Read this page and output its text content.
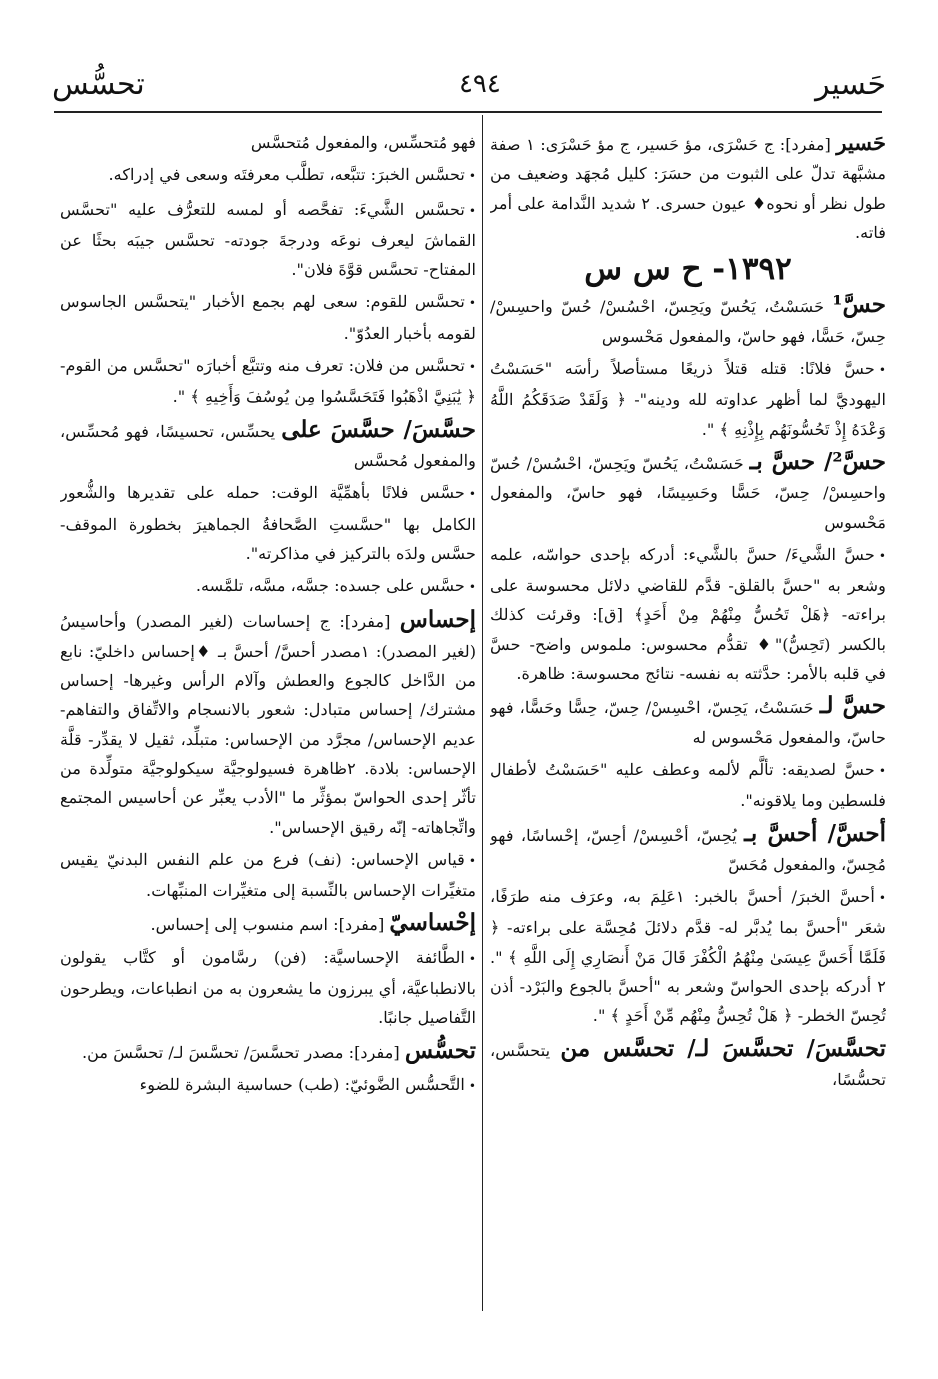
حَسير
٤٩٤
تحسُّس
حَسير [مفرد]: ج حَسْرَى، مؤ حَسير، ج مؤ حَسْرَى: ١ صفة مشبَّهة تدلّ على الثبوت من حسَرَ: كليل مُجهَد وضعيف من طول نظر أو نحوه♦ عيون حسرى. ٢ شديد النَّدامة على أمر فاته.
١٣٩٢- ح س س
حسَّ¹ حَسَسْتُ، يَحُسّ ويَحِسّ، احْسُسْ/ حُسّ واحسِسْ/ حِسّ، حَسًّا، فهو حاسّ، والمفعول مَحْسوس
•حسَّ فلانًا: قتله قتلاً ذريعًا مستأصلاً رأسَه "حَسَسْتُ اليهوديَّ لما أظهر عداوته لله ودينه"- ﴿ وَلَقَدْ صَدَقَكُمُ اللَّهُ وَعْدَهُ إِذْ تَحُسُّونَهُم بِإِذْنِهِ ﴾ ".
حسَّ²/ حسَّ بـ حَسَسْتُ، يَحُسّ ويَحِسّ، احْسُسْ/ حُسّ واحسِسْ/ حِسّ، حَسًّا وحَسِيسًا، فهو حاسّ، والمفعول مَحْسوس
•حسَّ الشَّيءَ/ حسَّ بالشَّيء: أدركه بإحدى حواسّه، علمه وشعر به "حسَّ بالقلق- قدَّم للقاضي دلائل محسوسة على براءته- ﴿هَلْ تَحُسُّ مِنْهُمْ مِنْ أَحَدٍ﴾ [ق]: وقرئت كذلك بالكسر (تَحِسُّ)"♦ تقدُّم محسوس: ملموس واضح- حسَّ في قلبه بالأمر: حدَّثته به نفسه- نتائج محسوسة: ظاهرة.
حسَّ لـ حَسَسْتُ، يَحِسّ، احْسِسْ/ حِسّ، حِسًّا وحَسًّا، فهو حاسّ، والمفعول مَحْسوس له
•حسَّ لصديقه: تألَّم لألمه وعطف عليه "حَسَسْتُ لأطفال فلسطين وما يلاقونه".
أحسَّ/ أحسَّ بـ يُحِسّ، أحْسِسْ/ أحِسّ، إحْساسًا، فهو مُحِسّ، والمفعول مُحَسّ
•أحسَّ الخبرَ/ أحسَّ بالخبر: ١عَلِمَ به، وعرَف منه طرَفًا، شعَر "أحسَّ بما يُدبَّر له- قدَّم دلائلَ مُحِسَّة على براءته- ﴿ فَلَمَّا أَحَسَّ عِيسَىٰ مِنْهُمُ الْكُفْرَ قَالَ مَنْ أَنصَارِي إِلَى اللَّهِ ﴾ ". ٢ أدركه بإحدى الحواسّ وشعر به "أحسَّ بالجوع والبَرْد- أذن تُحِسّ الخطر- ﴿ هَلْ تُحِسُّ مِنْهُم مِّنْ أَحَدٍ ﴾ ".
تحسَّسَ/ تحسَّسَ لـ/ تحسَّس من يتحسَّس، تحسُّسًا،
فهو مُتحسِّس، والمفعول مُتحسَّس
•تحسَّس الخبرَ: تتبَّعه، تطلَّب معرفتَه وسعى في إدراكه.
•تحسَّس الشَّيءَ: تفحَّصه أو لمسه للتعرُّف عليه "تحسَّس القماشَ ليعرف نوعَه ودرجةَ جودته- تحسَّس جيبَه بحثًا عن المفتاح- تحسَّس قوَّةَ فلان".
•تحسَّس للقوم: سعى لهم بجمع الأخبار "يتحسَّس الجاسوس لقومه بأخبار العدُوّ".
•تحسَّس من فلان: تعرف منه وتتبَّع أخبارَه "تحسَّس من القوم- ﴿ يَٰبَنِيَّ اذْهَبُوا فَتَحَسَّسُوا مِن يُوسُفَ وَأَخِيهِ ﴾ ".
حسَّسَ/ حسَّسَ على يحسِّس، تحسيسًا، فهو مُحسِّس، والمفعول مُحسَّس
•حسَّس فلانًا بأهمِّيَّة الوقت: حمله على تقديرها والشُّعور الكامل بها "حسَّستِ الصَّحافةُ الجماهيرَ بخطورة الموقف- حسَّس ولدَه بالتركيز في مذاكرته".
•حسَّس على جسده: جسَّه، مسَّه، تلمَّسه.
إحساس [مفرد]: ج إحساسات (لغير المصدر) وأحاسيسُ (لغير المصدر): ١مصدر أحسَّ/ أحسَّ بـ ♦إحساس داخليّ: نابع من الدَّاخل كالجوع والعطش وآلام الرأس وغيرها- إحساس مشترك/ إحساس متبادل: شعور بالانسجام والاتِّفاق والتفاهم- عديم الإحساس/ مجرَّد من الإحساس: متبلِّد، ثقيل لا يقدِّر- قلَّة الإحساس: بلادة. ٢ظاهرة فسيولوجيَّة سيكولوجيَّة متولِّدة من تأثّر إحدى الحواسّ بمؤثِّر ما "الأدب يعبِّر عن أحاسيس المجتمع واتِّجاهاته- إنّه رقيق الإحساس".
•قياس الإحساس: (نف) فرع من علم النفس البدنيّ يقيس متغيِّرات الإحساس بالنِّسبة إلى متغيِّرات المنبِّهات.
إحْساسيّ [مفرد]: اسم منسوب إلى إحساس.
•الطَّائفة الإحساسيَّة: (فن) رسَّامون أو كتَّاب يقولون بالانطباعيَّة، أي يبرزون ما يشعرون به من انطباعات، ويطرحون التَّفاصيل جانبًا.
تحسُّس [مفرد]: مصدر تحسَّسَ/ تحسَّسَ لـ/ تحسَّسَ من.
•التَّحسُّس الضَّوئيّ: (طب) حساسية البشرة للضوء
